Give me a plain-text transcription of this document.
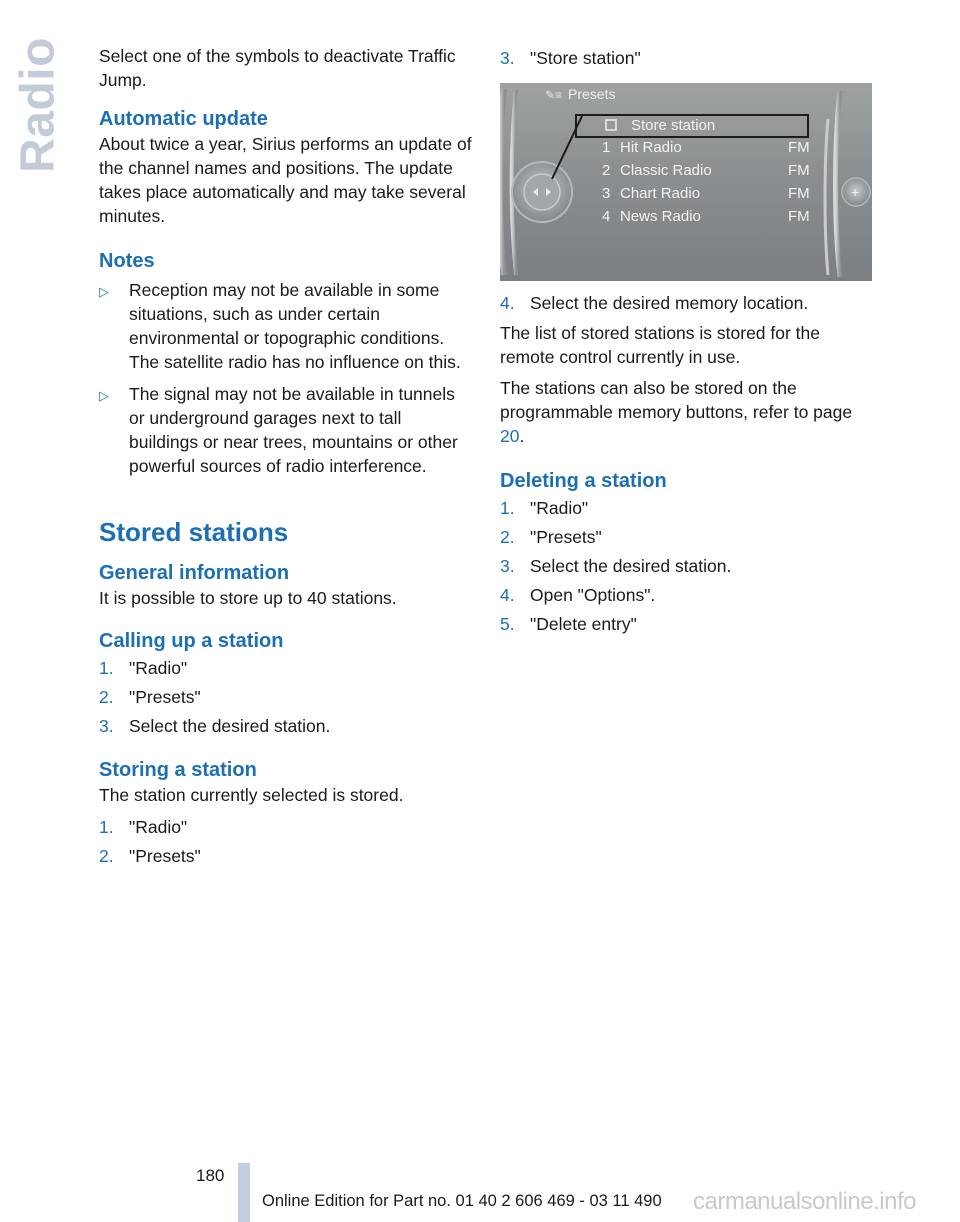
Radio Select one of the symbols to deactivate Traffic Jump.

Automatic update

About twice a year, Sirius performs an update of the channel names and positions. The update takes place automatically and may take several minutes.

Notes
▷ Reception may not be available in some situations, such as under certain environmental or topographic conditions. The satellite radio has no influence on this.
▷ The signal may not be available in tunnels or underground garages next to tall buildings or near trees, mountains or other powerful sources of radio interference.
Stored stations
General information

It is possible to store up to 40 stations.

Calling up a station
1. "Radio"
2. "Presets"
3. Select the desired station.
Storing a station

The station currently selected is stored.

1. "Radio"
2. "Presets"
3. "Store station"
✎≡
+
Presets
Store station
1 Hit Radio	FM
2 Classic Radio	FM
3 Chart Radio	FM
4 News Radio	FM
4. Select the desired memory location.

The list of stored stations is stored for the remote control currently in use.

The stations can also be stored on the programmable memory buttons, refer to page 20.

Deleting a station
1. "Radio"
2. "Presets"
3. Select the desired station.
4. Open "Options".
5. "Delete entry"
180
Online Edition for Part no. 01 40 2 606 469 - 03 11 490 carmanualsonline.info
